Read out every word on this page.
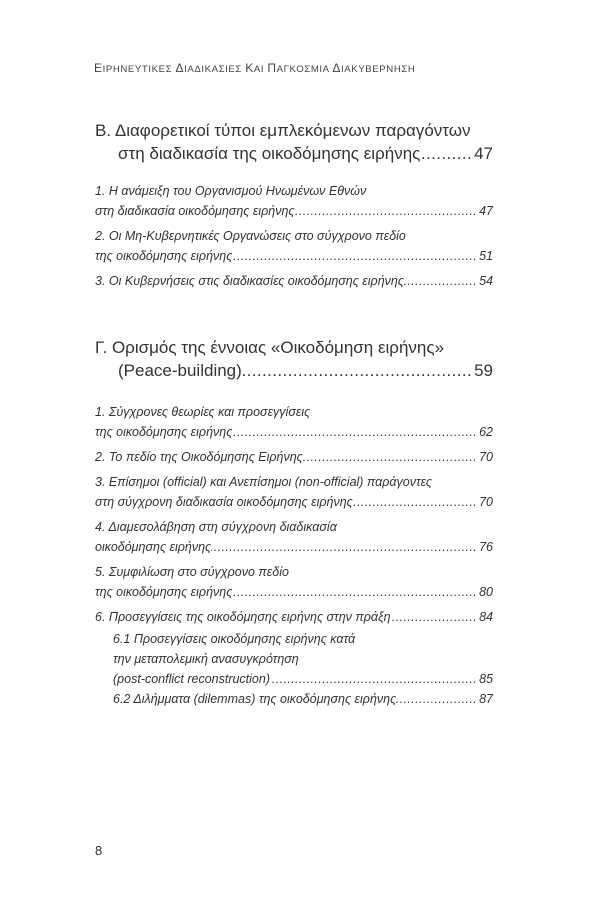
ΕΙΡΗΝΕΥΤΙΚΕΣ ΔΙΑΔΙΚΑΣΙΕΣ ΚΑΙ ΠΑΓΚΟΣΜΙΑ ΔΙΑΚΥΒΕΡΝΗΣΗ
Β. Διαφορετικοί τύποι εμπλεκόμενων παραγόντων
στη διαδικασία της οικοδόμησης ειρήνης .....	47
1. Η ανάμειξη του Οργανισμού Ηνωμένων Εθνών
στη διαδικασία οικοδόμησης ειρήνης .....	47
2. Οι Μη-Κυβερνητικές Οργανώσεις στο σύγχρονο πεδίο
της οικοδόμησης ειρήνης .....	51
3. Οι Κυβερνήσεις στις διαδικασίες οικοδόμησης ειρήνης .....	54
Γ. Ορισμός της έννοιας «Οικοδόμηση ειρήνης»
(Peace-building) .....	59
1. Σύγχρονες θεωρίες και προσεγγίσεις
της οικοδόμησης ειρήνης .....	62
2. Το πεδίο της Οικοδόμησης Ειρήνης .....	70
3. Επίσημοι (official) και Ανεπίσημοι (non-official) παράγοντες
στη σύγχρονη διαδικασία οικοδόμησης ειρήνης .....	70
4. Διαμεσολάβηση στη σύγχρονη διαδικασία
οικοδόμησης ειρήνης .....	76
5. Συμφιλίωση στο σύγχρονο πεδίο
της οικοδόμησης ειρήνης .....	80
6. Προσεγγίσεις της οικοδόμησης ειρήνης στην πράξη .....	84
6.1 Προσεγγίσεις οικοδόμησης ειρήνης κατά
την μεταπολεμική ανασυγκρότηση
(post-conflict reconstruction) .....	85
6.2 Διλήμματα (dilemmas) της οικοδόμησης ειρήνης .....	87
8
